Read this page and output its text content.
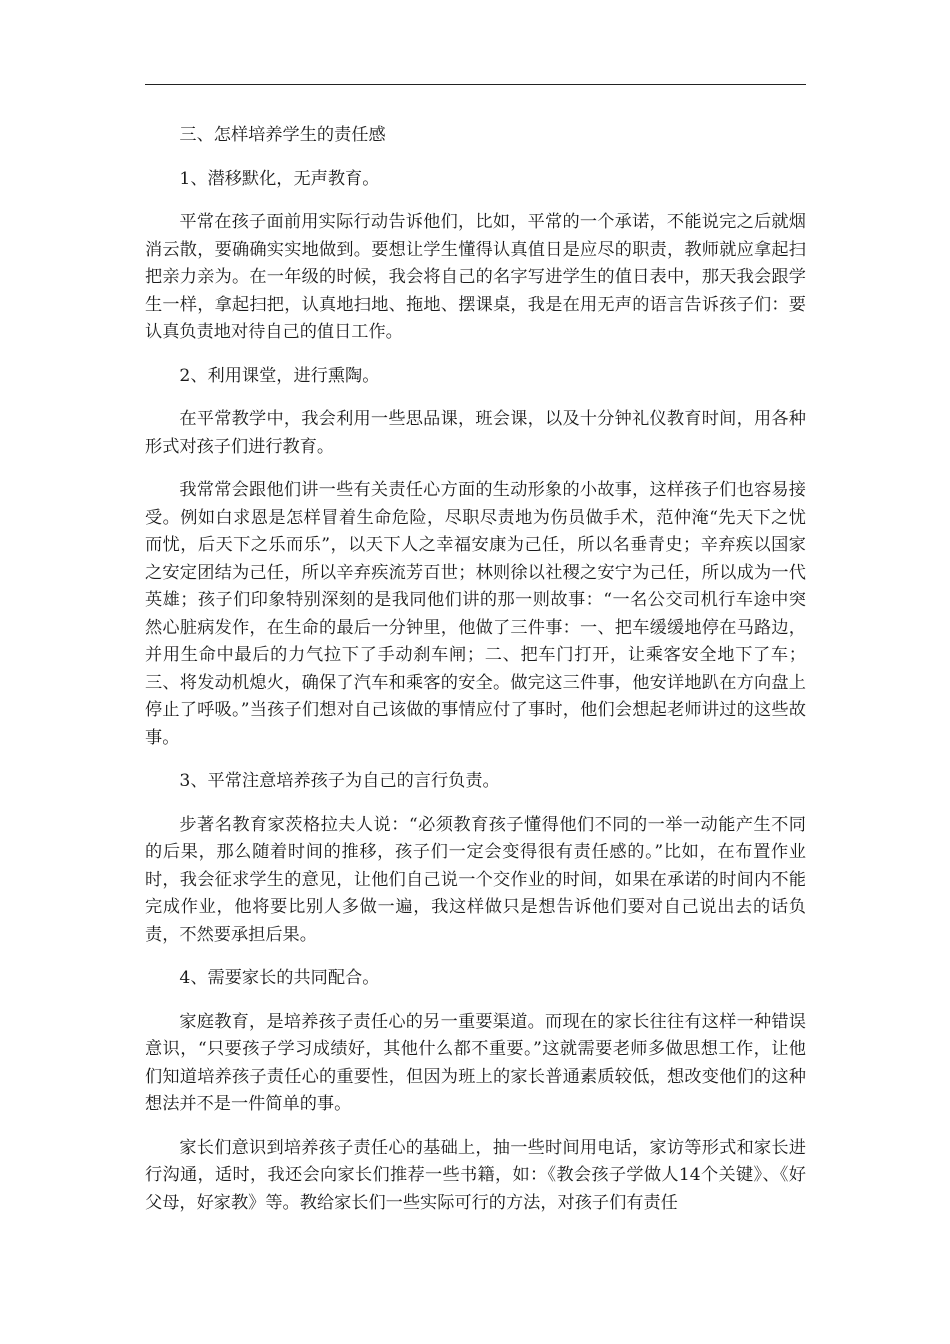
三、怎样培养学生的责任感

1、潜移默化，无声教育。

平常在孩子面前用实际行动告诉他们，比如，平常的一个承诺，不能说完之后就烟消云散，要确确实实地做到。要想让学生懂得认真值日是应尽的职责，教师就应拿起扫把亲力亲为。在一年级的时候，我会将自己的名字写进学生的值日表中，那天我会跟学生一样，拿起扫把，认真地扫地、拖地、摆课桌，我是在用无声的语言告诉孩子们：要认真负责地对待自己的值日工作。

2、利用课堂，进行熏陶。

在平常教学中，我会利用一些思品课，班会课，以及十分钟礼仪教育时间，用各种形式对孩子们进行教育。

我常常会跟他们讲一些有关责任心方面的生动形象的小故事，这样孩子们也容易接受。例如白求恩是怎样冒着生命危险，尽职尽责地为伤员做手术，范仲淹“先天下之忧而忧，后天下之乐而乐”，以天下人之幸福安康为己任，所以名垂青史；辛弃疾以国家之安定团结为己任，所以辛弃疾流芳百世；林则徐以社稷之安宁为己任，所以成为一代英雄；孩子们印象特别深刻的是我同他们讲的那一则故事：“一名公交司机行车途中突然心脏病发作，在生命的最后一分钟里，他做了三件事：一、把车缓缓地停在马路边，并用生命中最后的力气拉下了手动刹车闸；二、把车门打开，让乘客安全地下了车；三、将发动机熄火，确保了汽车和乘客的安全。做完这三件事，他安详地趴在方向盘上停止了呼吸。”当孩子们想对自己该做的事情应付了事时，他们会想起老师讲过的这些故事。

3、平常注意培养孩子为自己的言行负责。

步著名教育家茨格拉夫人说：“必须教育孩子懂得他们不同的一举一动能产生不同的后果，那么随着时间的推移，孩子们一定会变得很有责任感的。”比如，在布置作业时，我会征求学生的意见，让他们自己说一个交作业的时间，如果在承诺的时间内不能完成作业，他将要比别人多做一遍，我这样做只是想告诉他们要对自己说出去的话负责，不然要承担后果。

4、需要家长的共同配合。

家庭教育，是培养孩子责任心的另一重要渠道。而现在的家长往往有这样一种错误意识，“只要孩子学习成绩好，其他什么都不重要。”这就需要老师多做思想工作，让他们知道培养孩子责任心的重要性，但因为班上的家长普通素质较低，想改变他们的这种想法并不是一件简单的事。

家长们意识到培养孩子责任心的基础上，抽一些时间用电话，家访等形式和家长进行沟通，适时，我还会向家长们推荐一些书籍，如：《教会孩子学做人14个关键》、《好父母，好家教》等。教给家长们一些实际可行的方法，对孩子们有责任
